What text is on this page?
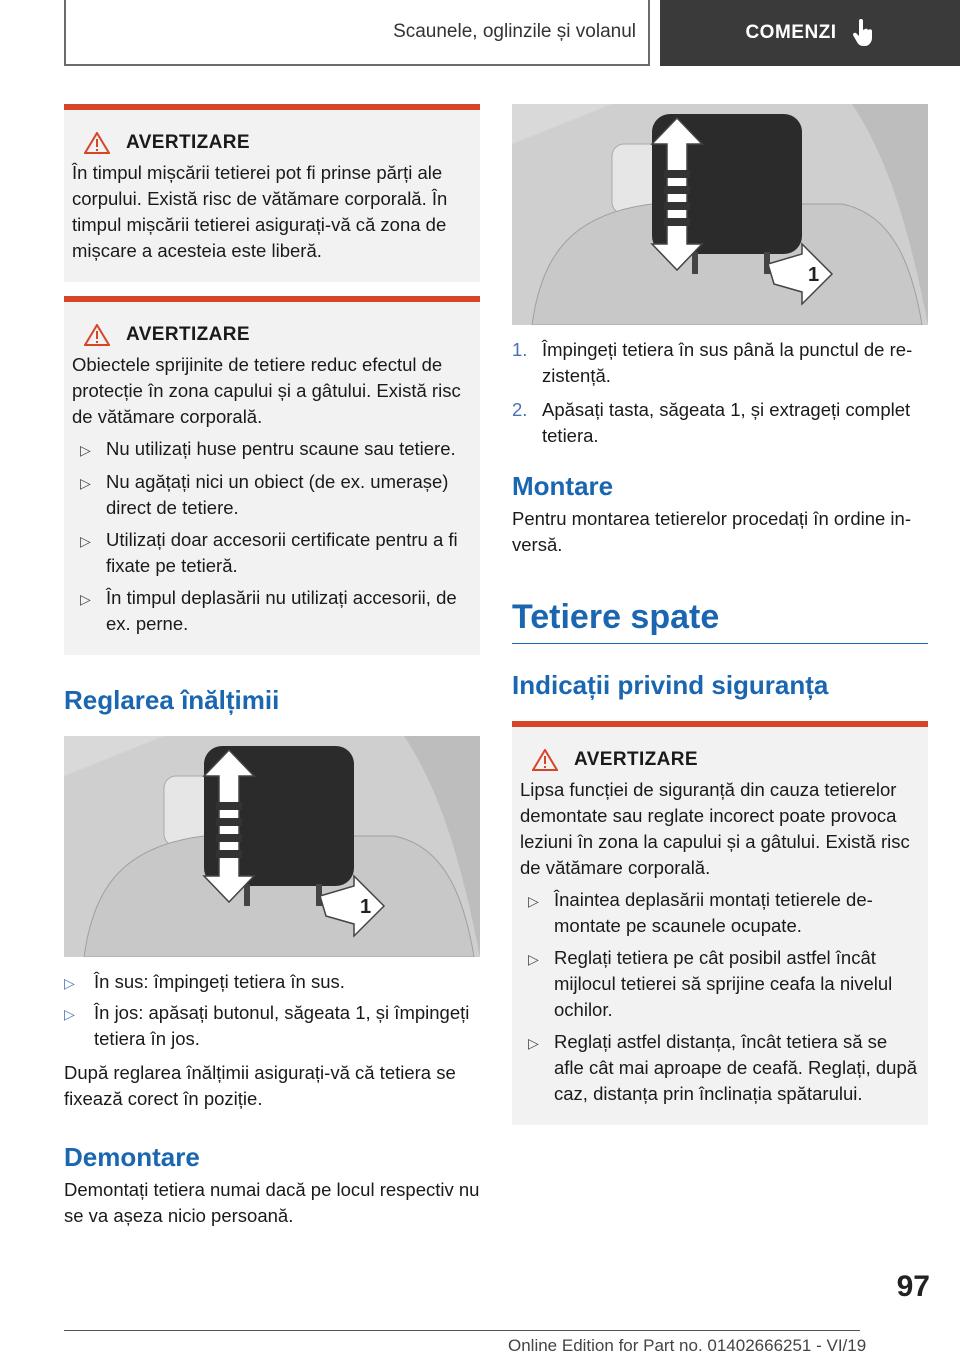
Scaunele, oglinzile și volanul	COMENZI
AVERTIZARE

În timpul mișcării tetierei pot fi prinse părți ale corpului. Există risc de vătămare corporală. În timpul mișcării tetierei asigurați-vă că zona de mișcare a acesteia este liberă.

AVERTIZARE

Obiectele sprijinite de tetiere reduc efectul de protecție în zona capului și a gâtului. Există risc de vătămare corporală.

▷ Nu utilizați huse pentru scaune sau tetiere.
▷ Nu agățați nici un obiect (de ex. umerașe) direct de tetiere.
▷ Utilizați doar accesorii certificate pentru a fi fixate pe tetieră.
▷ În timpul deplasării nu utilizați accesorii, de ex. perne.
Reglarea înălțimii
1
▷	În sus: împingeți tetiera în sus.
▷	În jos: apăsați butonul, săgeata 1, și împingeți tetiera în jos.

După reglarea înălțimii asigurați-vă că tetiera se fixează corect în poziție.

Demontare

Demontați tetiera numai dacă pe locul respectiv nu se va așeza nicio persoană.

1
1. Împingeți tetiera în sus până la punctul de rezistență.
2. Apăsați tasta, săgeata 1, și extrageți complet tetiera.
Montare

Pentru montarea tetierelor procedați în ordine inversă.

Tetiere spate
Indicații privind siguranța
AVERTIZARE

Lipsa funcției de siguranță din cauza tetierelor demontate sau reglate incorect poate provoca leziuni în zona la capului și a gâtului. Există risc de vătămare corporală.

▷ Înaintea deplasării montați tetierele demontate pe scaunele ocupate.
▷ Reglați tetiera pe cât posibil astfel încât mijlocul tetierei să sprijine ceafa la nivelul ochilor.
▷ Reglați astfel distanța, încât tetiera să se afle cât mai aproape de ceafă. Reglați, după caz, distanța prin înclinația spătarului.
97
Online Edition for Part no. 01402666251 - VI/19
